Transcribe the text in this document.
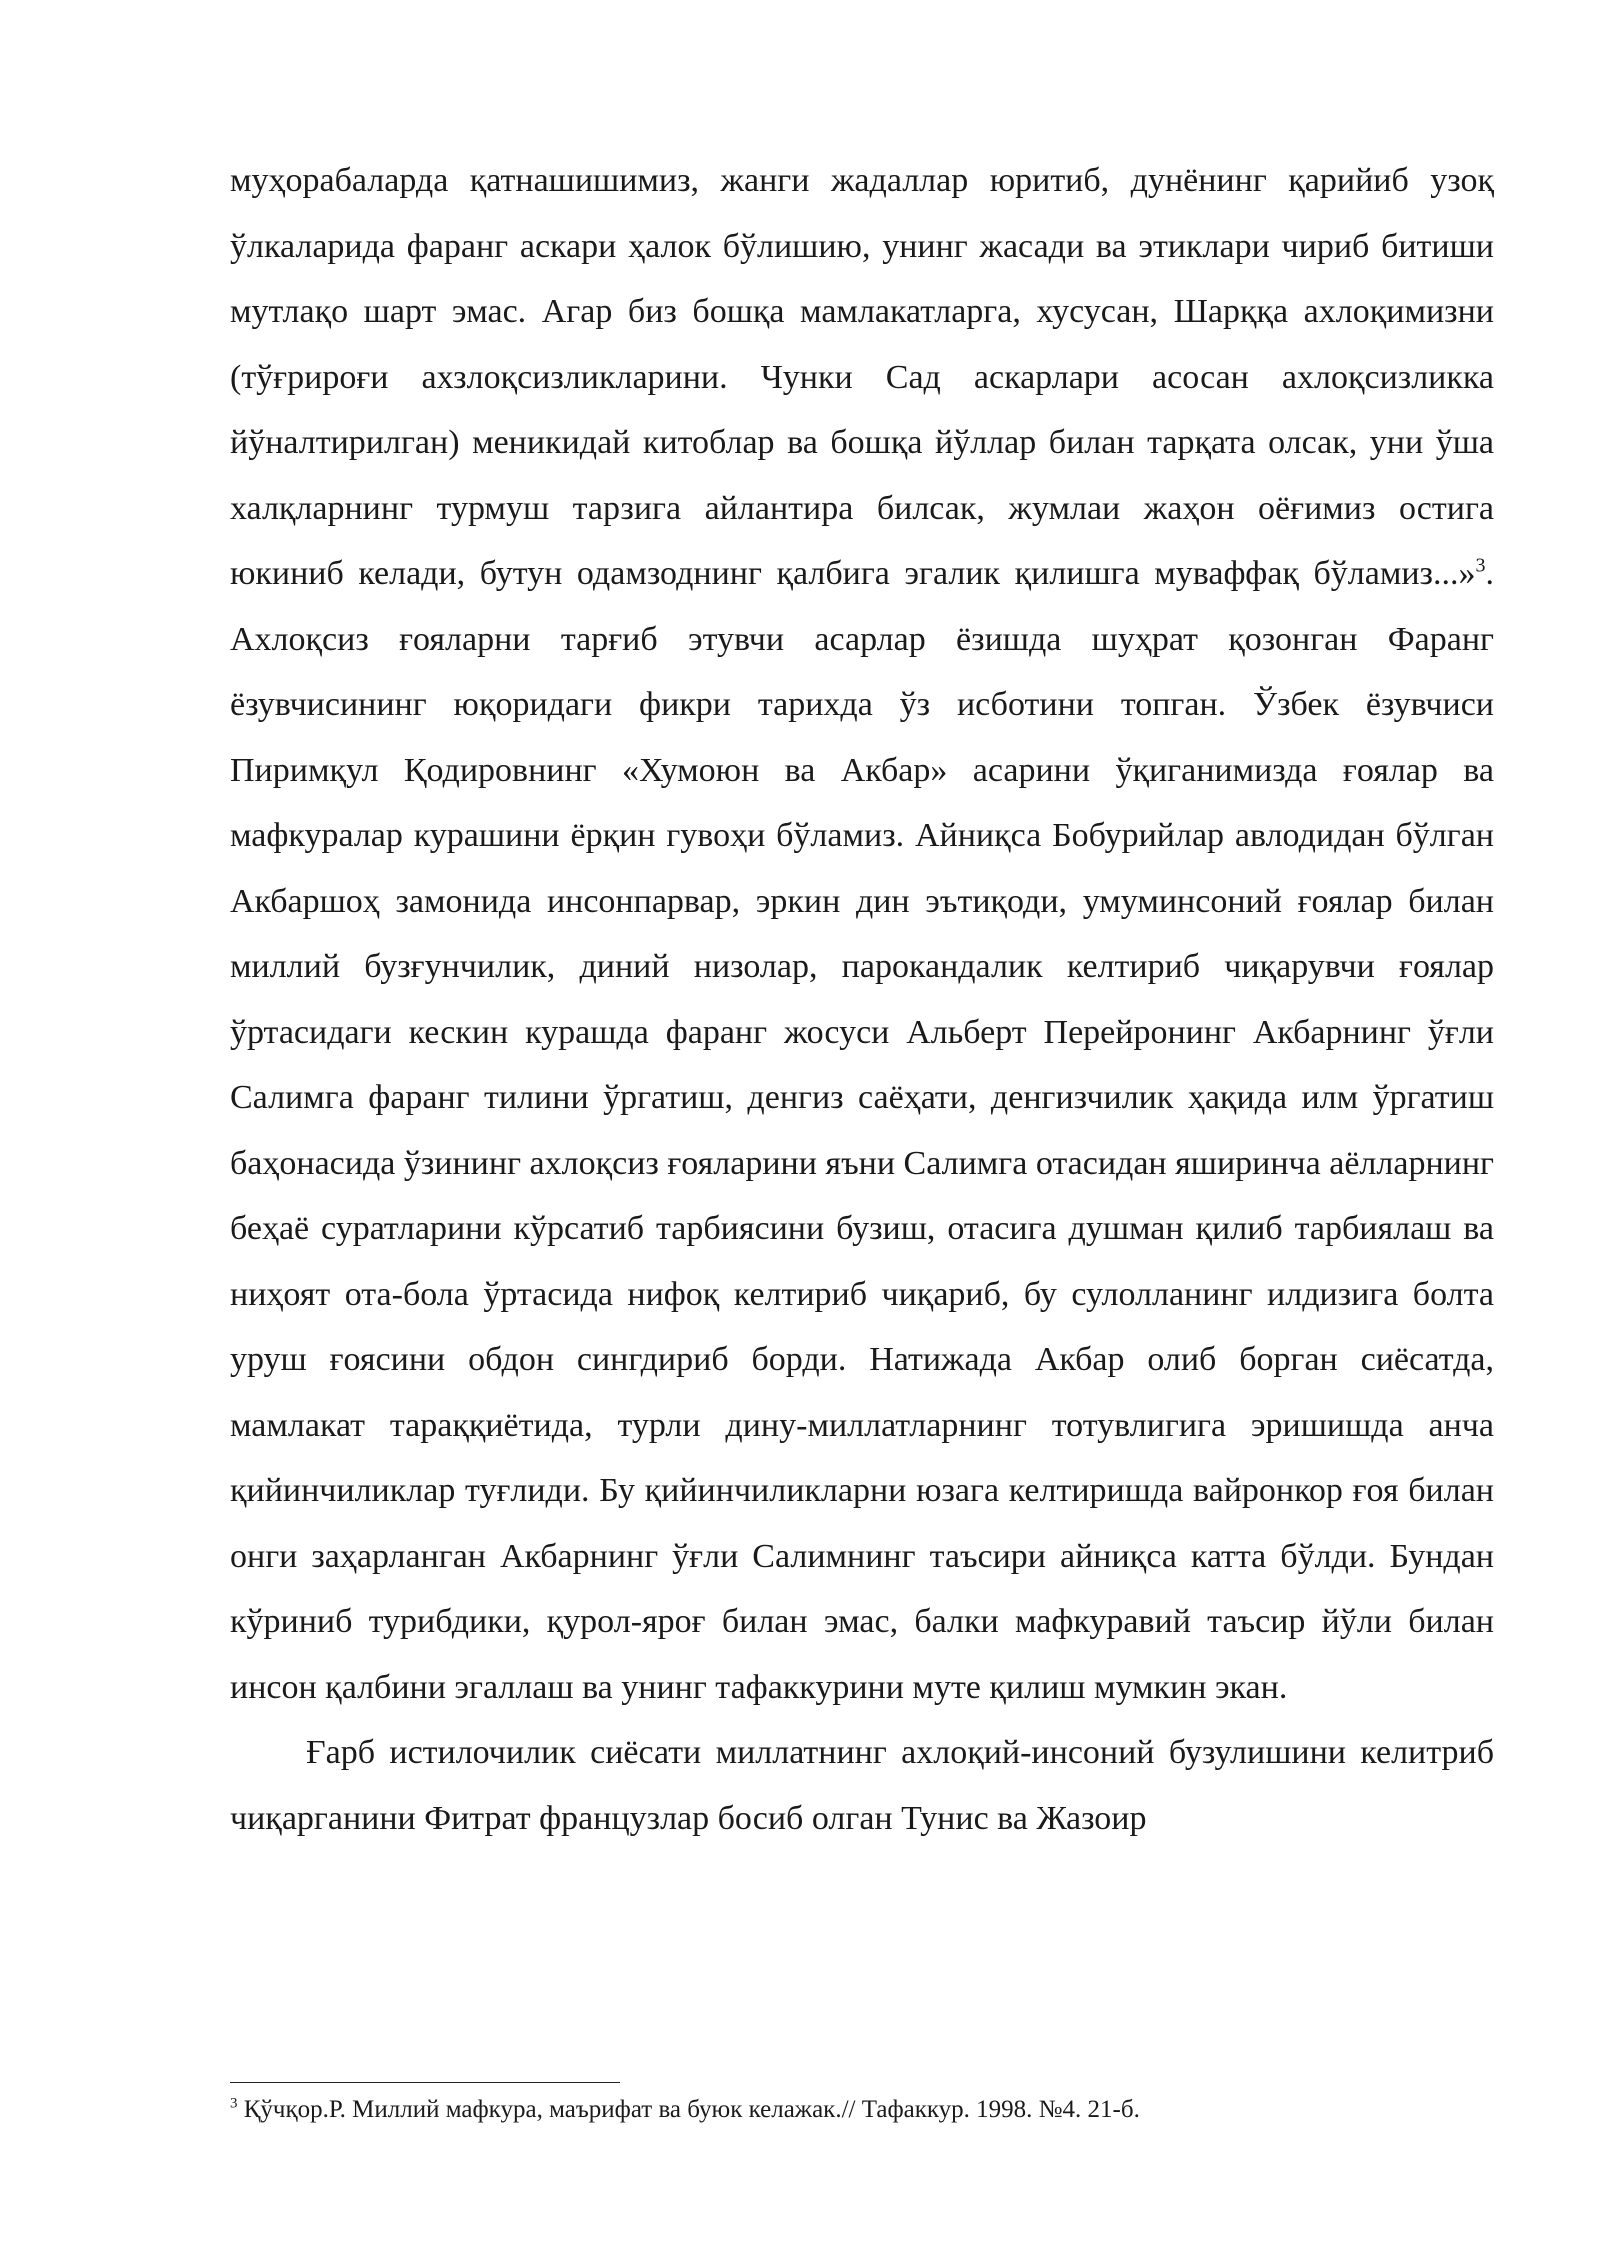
муҳорабаларда қатнашишимиз, жанги жадаллар юритиб, дунёнинг қарийиб узоқ ўлкаларида фаранг аскари ҳалок бўлишию, унинг жасади ва этиклари чириб битиши мутлақо шарт эмас. Агар биз бошқа мамлакатларга, хусусан, Шарққа ахлоқимизни (тўғрироғи ахзлоқсизликларини. Чунки Сад аскарлари асосан ахлоқсизликка йўналтирилган) меникидай китоблар ва бошқа йўллар билан тарқата олсак, уни ўша халқларнинг турмуш тарзига айлантира билсак, жумлаи жаҳон оёғимиз остига юкиниб келади, бутун одамзоднинг қалбига эгалик қилишга муваффақ бўламиз...»$^3$. Ахлоқсиз ғояларни тарғиб этувчи асарлар ёзишда шуҳрат қозонган Фаранг ёзувчисининг юқоридаги фикри тарихда ўз исботини топган. Ўзбек ёзувчиси Пиримқул Қодировнинг «Хумоюн ва Акбар» асарини ўқиганимизда ғоялар ва мафкуралар курашини ёрқин гувоҳи бўламиз. Айниқса Бобурийлар авлодидан бўлган Акбаршоҳ замонида инсонпарвар, эркин дин эътиқоди, умуминсоний ғоялар билан миллий бузғунчилик, диний низолар, парокандалик келтириб чиқарувчи ғоялар ўртасидаги кескин курашда фаранг жосуси Альберт Перейронинг Акбарнинг ўғли Салимга фаранг тилини ўргатиш, денгиз саёҳати, денгизчилик ҳақида илм ўргатиш баҳонасида ўзининг ахлоқсиз ғояларини яъни Салимга отасидан яширинча аёлларнинг беҳаё суратларини кўрсатиб тарбиясини бузиш, отасига душман қилиб тарбиялаш ва ниҳоят ота-бола ўртасида нифоқ келтириб чиқариб, бу сулолланинг илдизига болта уруш ғоясини обдон сингдириб борди. Натижада Акбар олиб борган сиёсатда, мамлакат тараққиётида, турли дину-миллатларнинг тотувлигига эришишда анча қийинчиликлар туғлиди. Бу қийинчиликларни юзага келтиришда вайронкор ғоя билан онги заҳарланган Акбарнинг ўғли Салимнинг таъсири айниқса катта бўлди. Бундан кўриниб турибдики, қурол-яроғ билан эмас, балки мафкуравий таъсир йўли билан инсон қалбини эгаллаш ва унинг тафаккурини муте қилиш мумкин экан.

Ғарб истилочилик сиёсати миллатнинг ахлоқий-инсоний бузулишини келитриб чиқарганини Фитрат французлар босиб олган Тунис ва Жазоир

$^3$ Қўчқор.Р. Миллий мафкура, маърифат ва буюк келажак.// Тафаккур. 1998. №4. 21-б.
